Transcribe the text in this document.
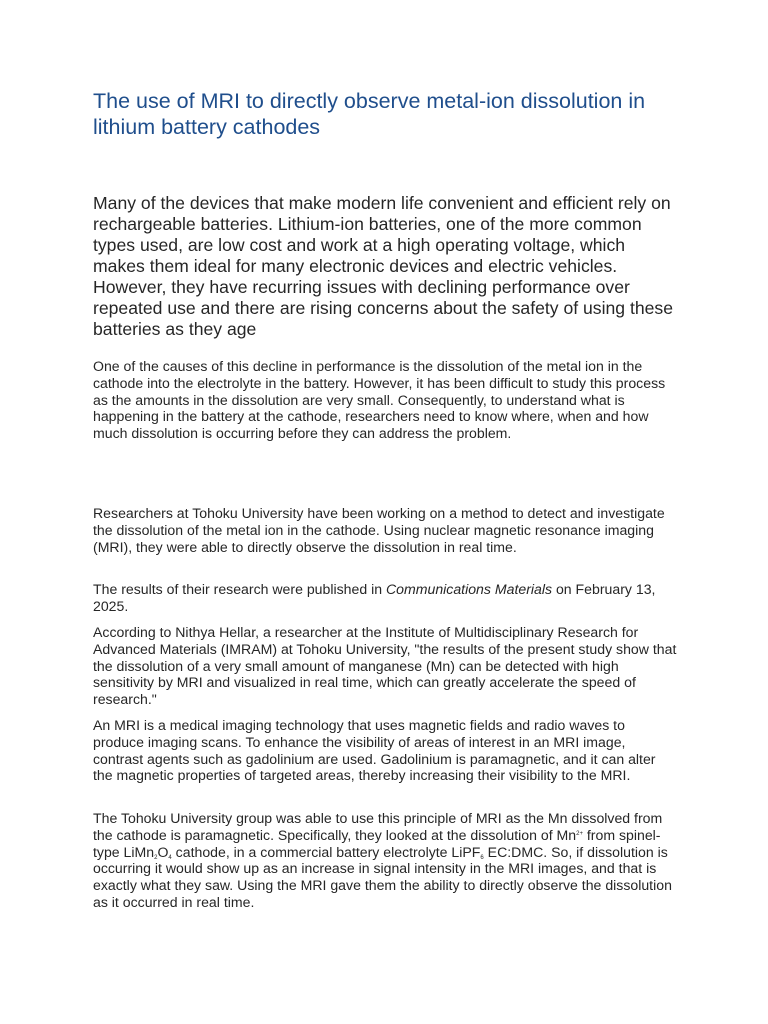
The use of MRI to directly observe metal-ion dissolution in lithium battery cathodes

Many of the devices that make modern life convenient and efficient rely on rechargeable batteries. Lithium-ion batteries, one of the more common types used, are low cost and work at a high operating voltage, which makes them ideal for many electronic devices and electric vehicles. However, they have recurring issues with declining performance over repeated use and there are rising concerns about the safety of using these batteries as they age

One of the causes of this decline in performance is the dissolution of the metal ion in the cathode into the electrolyte in the battery. However, it has been difficult to study this process as the amounts in the dissolution are very small. Consequently, to understand what is happening in the battery at the cathode, researchers need to know where, when and how much dissolution is occurring before they can address the problem.

Researchers at Tohoku University have been working on a method to detect and investigate the dissolution of the metal ion in the cathode. Using nuclear magnetic resonance imaging (MRI), they were able to directly observe the dissolution in real time.

The results of their research were published in Communications Materials on February 13, 2025.

According to Nithya Hellar, a researcher at the Institute of Multidisciplinary Research for Advanced Materials (IMRAM) at Tohoku University, "the results of the present study show that the dissolution of a very small amount of manganese (Mn) can be detected with high sensitivity by MRI and visualized in real time, which can greatly accelerate the speed of research."

An MRI is a medical imaging technology that uses magnetic fields and radio waves to produce imaging scans. To enhance the visibility of areas of interest in an MRI image, contrast agents such as gadolinium are used. Gadolinium is paramagnetic, and it can alter the magnetic properties of targeted areas, thereby increasing their visibility to the MRI.

The Tohoku University group was able to use this principle of MRI as the Mn dissolved from the cathode is paramagnetic. Specifically, they looked at the dissolution of $Mn^{2+}$ from spinel-type $LiMn_2O_4$ cathode, in a commercial battery electrolyte LiPF$_6$ EC:DMC. So, if dissolution is occurring it would show up as an increase in signal intensity in the MRI images, and that is exactly what they saw. Using the MRI gave them the ability to directly observe the dissolution as it occurred in real time.
